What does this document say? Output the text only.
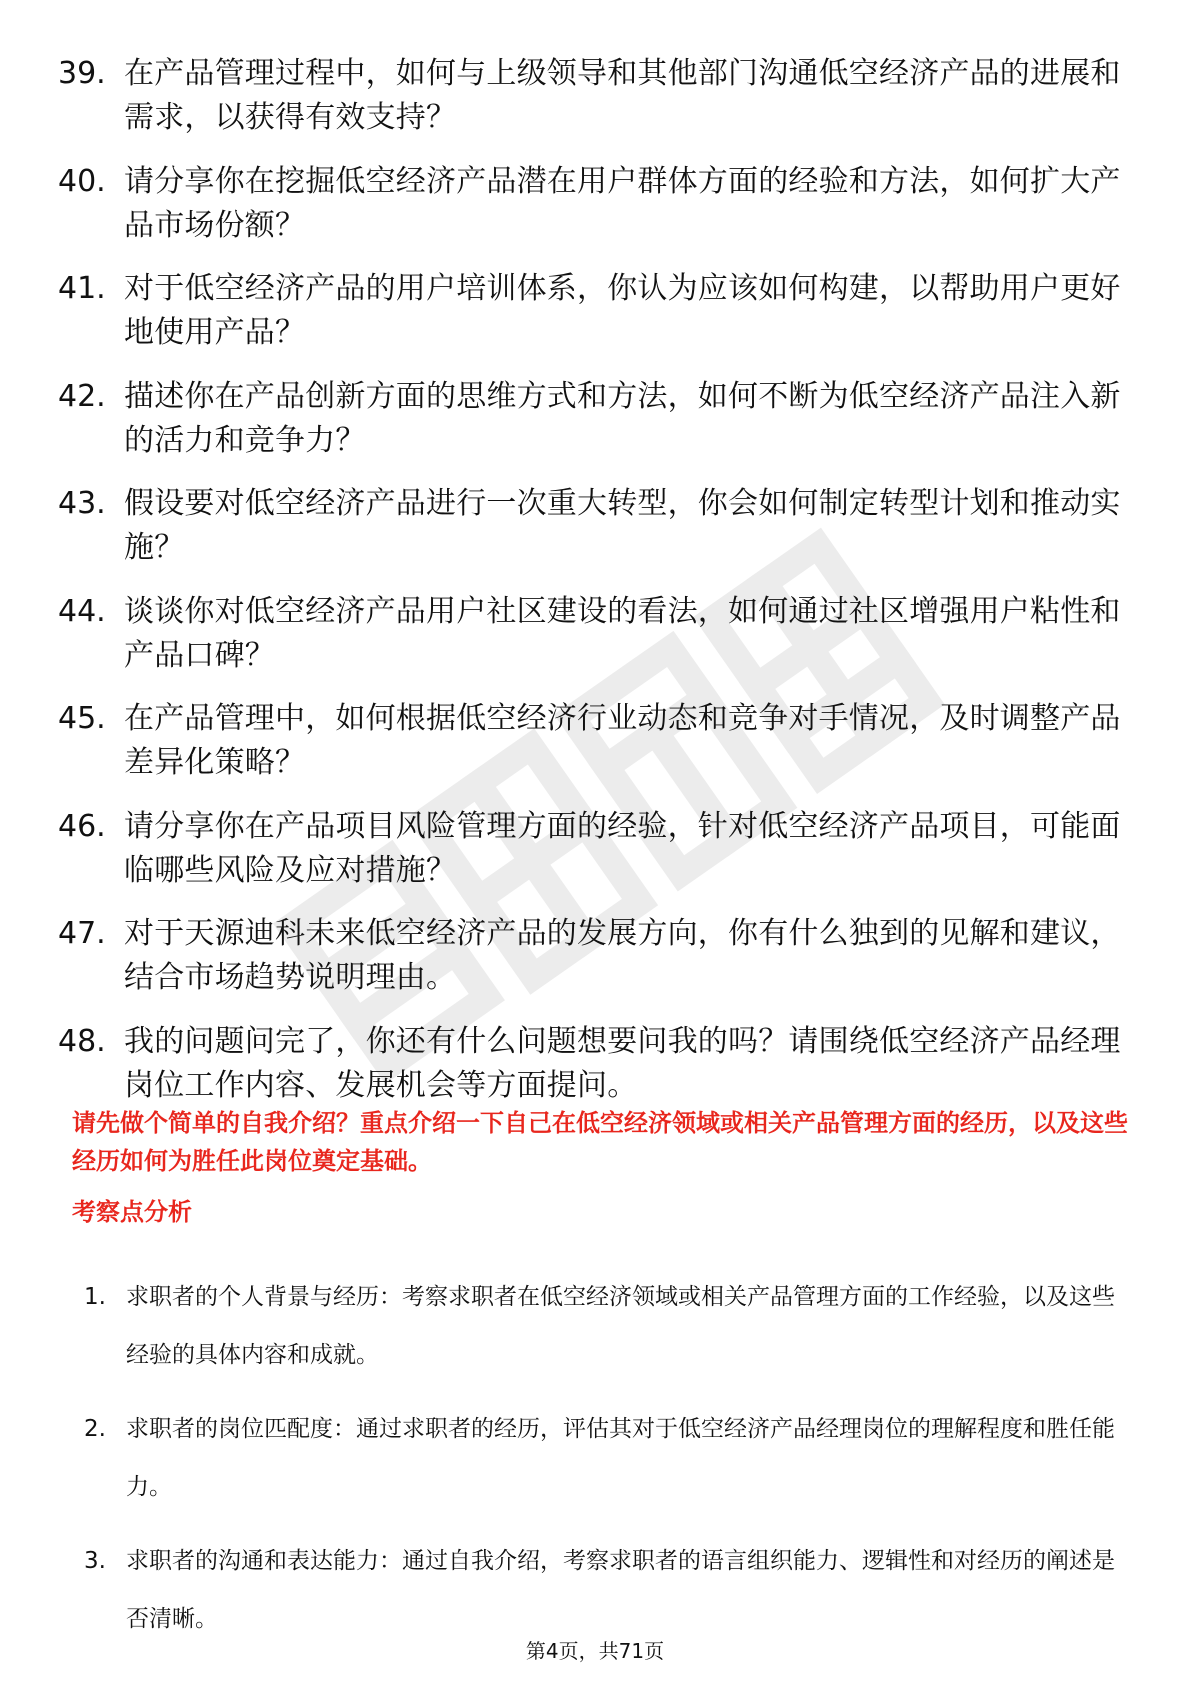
39. 在产品管理过程中，如何与上级领导和其他部门沟通低空经济产品的进展和需求，以获得有效支持？
40. 请分享你在挖掘低空经济产品潜在用户群体方面的经验和方法，如何扩大产品市场份额？
41. 对于低空经济产品的用户培训体系，你认为应该如何构建，以帮助用户更好地使用产品？
42. 描述你在产品创新方面的思维方式和方法，如何不断为低空经济产品注入新的活力和竞争力？
43. 假设要对低空经济产品进行一次重大转型，你会如何制定转型计划和推动实施？
44. 谈谈你对低空经济产品用户社区建设的看法，如何通过社区增强用户粘性和产品口碑？
45. 在产品管理中，如何根据低空经济行业动态和竞争对手情况，及时调整产品差异化策略？
46. 请分享你在产品项目风险管理方面的经验，针对低空经济产品项目，可能面临哪些风险及应对措施？
47. 对于天源迪科未来低空经济产品的发展方向，你有什么独到的见解和建议，结合市场趋势说明理由。
48. 我的问题问完了，你还有什么问题想要问我的吗？请围绕低空经济产品经理岗位工作内容、发展机会等方面提问。
请先做个简单的自我介绍？重点介绍一下自己在低空经济领域或相关产品管理方面的经历，以及这些经历如何为胜任此岗位奠定基础。
考察点分析
1. 求职者的个人背景与经历：考察求职者在低空经济领域或相关产品管理方面的工作经验，以及这些经验的具体内容和成就。
2. 求职者的岗位匹配度：通过求职者的经历，评估其对于低空经济产品经理岗位的理解程度和胜任能力。
3. 求职者的沟通和表达能力：通过自我介绍，考察求职者的语言组织能力、逻辑性和对经历的阐述是否清晰。
第4页，共71页
